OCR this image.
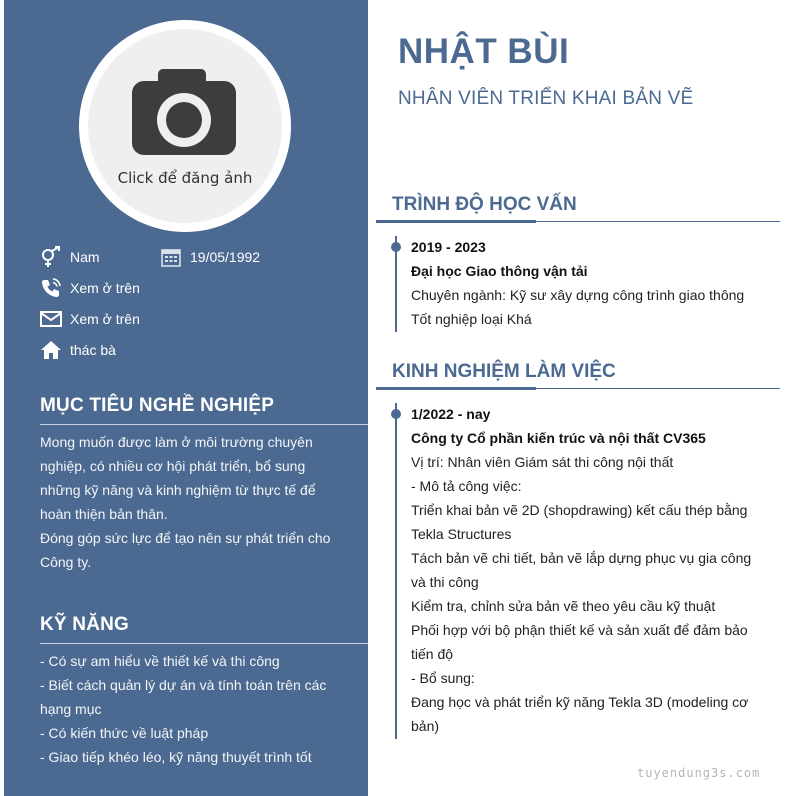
Click để đăng ảnh
Nam	19/05/1992
Xem ở trên
Xem ở trên
thác bà
MỤC TIÊU NGHỀ NGHIỆP
Mong muốn được làm ở môi trường chuyên
nghiệp, có nhiều cơ hội phát triển, bổ sung
những kỹ năng và kinh nghiệm từ thực tế để
hoàn thiện bản thân.
Đóng góp sức lực để tạo nên sự phát triển cho
Công ty.
KỸ NĂNG
- Có sự am hiểu về thiết kế và thi công
- Biết cách quản lý dự án và tính toán trên các
hạng mục
- Có kiến thức về luật pháp
- Giao tiếp khéo léo, kỹ năng thuyết trình tốt
NHẬT BÙI
NHÂN VIÊN TRIỂN KHAI BẢN VẼ
TRÌNH ĐỘ HỌC VẤN
2019 - 2023
Đại học Giao thông vận tải
Chuyên ngành: Kỹ sư xây dựng công trình giao thông
Tốt nghiệp loại Khá
KINH NGHIỆM LÀM VIỆC
1/2022 - nay
Công ty Cổ phần kiến trúc và nội thất CV365
Vị trí: Nhân viên Giám sát thi công nội thất
- Mô tả công việc:
Triển khai bản vẽ 2D (shopdrawing) kết cấu thép bằng
Tekla Structures
Tách bản vẽ chi tiết, bản vẽ lắp dựng phục vụ gia công
và thi công
Kiểm tra, chỉnh sửa bản vẽ theo yêu cầu kỹ thuật
Phối hợp với bộ phận thiết kế và sản xuất để đảm bảo
tiến độ
- Bổ sung:
Đang học và phát triển kỹ năng Tekla 3D (modeling cơ
bản)
tuyendung3s.com
